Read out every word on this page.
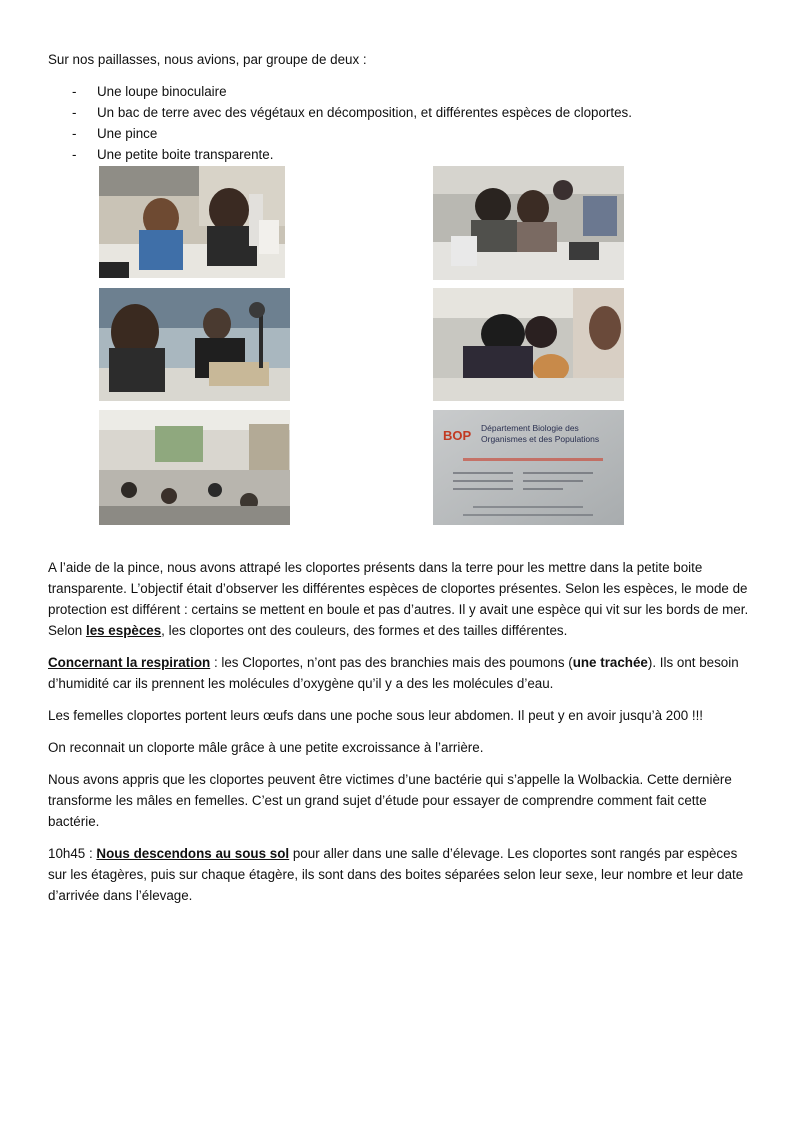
Sur nos paillasses, nous avions, par groupe de deux :

- Une loupe binoculaire
- Un bac de terre avec des végétaux en décomposition, et différentes espèces de cloportes.
- Une pince
- Une petite boite transparente.
BOP Département Biologie des
Organismes et des Populations

A l’aide de la pince, nous avons attrapé les cloportes présents dans la terre pour les mettre dans la petite boite transparente. L’objectif était d’observer les différentes espèces de cloportes présentes. Selon les espèces, le mode de protection est différent : certains se mettent en boule et pas d’autres. Il y avait une espèce qui vit sur les bords de mer. Selon les espèces, les cloportes ont des couleurs, des formes et des tailles différentes.

Concernant la respiration : les Cloportes, n’ont pas des branchies mais des poumons (une trachée). Ils ont besoin d’humidité car ils prennent les molécules d’oxygène qu’il y a des les molécules d’eau.

Les femelles cloportes portent leurs œufs dans une poche sous leur abdomen. Il peut y en avoir jusqu’à 200 !!!

On reconnait un cloporte mâle grâce à une petite excroissance à l’arrière.

Nous avons appris que les cloportes peuvent être victimes d’une bactérie qui s’appelle la Wolbackia. Cette dernière transforme les mâles en femelles. C’est un grand sujet d’étude pour essayer de comprendre comment fait cette bactérie.

10h45 : Nous descendons au sous sol pour aller dans une salle d’élevage. Les cloportes sont rangés par espèces sur les étagères, puis sur chaque étagère, ils sont dans des boites séparées selon leur sexe, leur nombre et leur date d’arrivée dans l’élevage.
